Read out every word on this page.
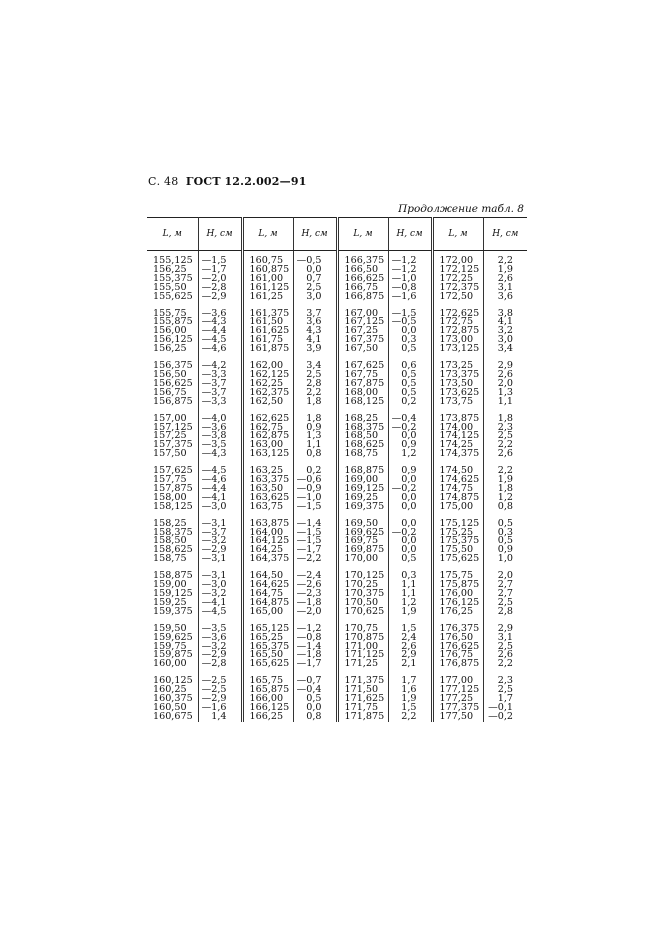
С. 48 ГОСТ 12.2.002—91
Продолжение табл. 8
L, м	H, см	L, м	H, см	L, м	H, см	L, м	H, см
155,125	—1,5	160,75	—0,5	166,375	—1,2	172,00	2,2
156,25	—1,7	160,875	0,0	166,50	—1,2	172,125	1,9
155,375	—2,0	161,00	0,7	166,625	—1,0	172,25	2,6
155,50	—2,8	161,125	2,5	166,75	—0,8	172,375	3,1
155,625	—2,9	161,25	3,0	166,875	—1,6	172,50	3,6
155,75	—3,6	161,375	3,7	167,00	—1,5	172,625	3,8
155,875	—4,3	161,50	3,6	167,125	—0,5	172,75	4,1
156,00	—4,4	161,625	4,3	167,25	0,0	172,875	3,2
156,125	—4,5	161,75	4,1	167,375	0,3	173,00	3,0
156,25	—4,6	161,875	3,9	167,50	0,5	173,125	3,4
156,375	—4,2	162,00	3,4	167,625	0,6	173,25	2,9
156,50	—3,3	162,125	2,5	167,75	0,5	173,375	2,6
156,625	—3,7	162,25	2,8	167,875	0,5	173,50	2,0
156,75	—3,7	162,375	2,2	168,00	0,5	173,625	1,3
156,875	—3,3	162,50	1,8	168,125	0,2	173,75	1,1
157,00	—4,0	162,625	1,8	168,25	—0,4	173,875	1,8
157,125	—3,6	162,75	0,9	168,375	—0,2	174,00	2,3
157,25	—3,8	162,875	1,3	168,50	0,0	174,125	2,5
157,375	—3,5	163,00	1,1	168,625	0,9	174,25	2,2
157,50	—4,3	163,125	0,8	168,75	1,2	174,375	2,6
157,625	—4,5	163,25	0,2	168,875	0,9	174,50	2,2
157,75	—4,6	163,375	—0,6	169,00	0,0	174,625	1,9
157,875	—4,4	163,50	—0,9	169,125	—0,2	174,75	1,8
158,00	—4,1	163,625	—1,0	169,25	0,0	174,875	1,2
158,125	—3,0	163,75	—1,5	169,375	0,0	175,00	0,8
158,25	—3,1	163,875	—1,4	169,50	0,0	175,125	0,5
158,375	—3,7	164,00	—1,5	169,625	—0,2	175,25	0,3
158,50	—3,2	164,125	—1,5	169,75	0,0	175,375	0,5
158,625	—2,9	164,25	—1,7	169,875	0,0	175,50	0,9
158,75	—3,1	164,375	—2,2	170,00	0,5	175,625	1,0
158,875	—3,1	164,50	—2,4	170,125	0,3	175,75	2,0
159,00	—3,0	164,625	—2,6	170,25	1,1	175,875	2,7
159,125	—3,2	164,75	—2,3	170,375	1,1	176,00	2,7
159,25	—4,1	164,875	—1,8	170,50	1,2	176,125	2,5
159,375	—4,5	165,00	—2,0	170,625	1,9	176,25	2,8
159,50	—3,5	165,125	—1,2	170,75	1,5	176,375	2,9
159,625	—3,6	165,25	—0,8	170,875	2,4	176,50	3,1
159,75	—3,2	165,375	—1,4	171,00	2,6	176,625	2,5
159,875	—2,9	165,50	—1,8	171,125	2,9	176,75	2,6
160,00	—2,8	165,625	—1,7	171,25	2,1	176,875	2,2
160,125	—2,5	165,75	—0,7	171,375	1,7	177,00	2,3
160,25	—2,5	165,875	—0,4	171,50	1,6	177,125	2,5
160,375	—2,9	166,00	0,5	171,625	1,9	177,25	1,7
160,50	—1,6	166,125	0,0	171,75	1,5	177,375	—0,1
160,675	1,4	166,25	0,8	171,875	2,2	177,50	—0,2
